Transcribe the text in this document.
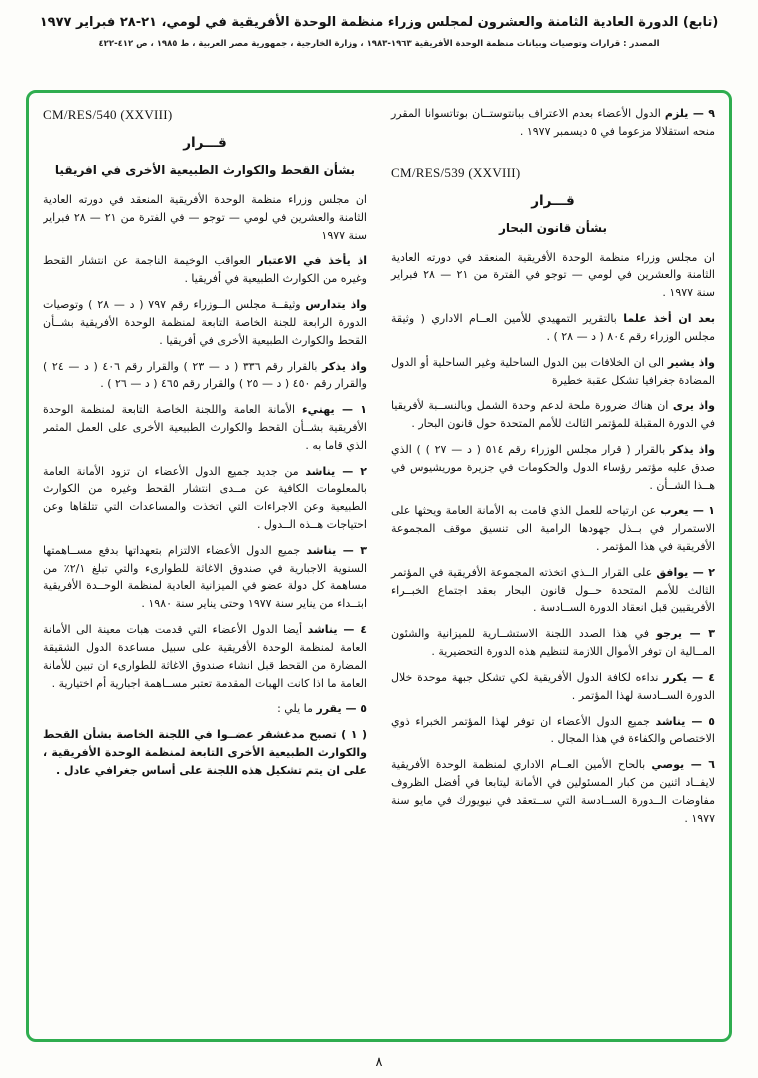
(تابع) الدورة العادية الثامنة والعشرون لمجلس وزراء منظمة الوحدة الأفريقية في لومي، ٢١-٢٨ فبراير ١٩٧٧
المصدر : قرارات وتوصيات وبيانات منظمة الوحدة الأفريقية ١٩٦٣-١٩٨٣ ، وزارة الخارجية ، جمهورية مصر العربية ، ط ١٩٨٥ ، ص ٤١٢-٤٢٢

٩ — يلزم الدول الأعضاء بعدم الاعتراف ببانتوستــان بوتاتسوانا المقرر منحه استقلالا مزعوما في ٥ ديسمبر ١٩٧٧ .

CM/RES/539 (XXVIII)
قـــرار
بشأن قانون البحار

ان مجلس وزراء منظمة الوحدة الأفريقية المنعقد في دورته العادية الثامنة والعشرين في لومي — توجو في الفترة من ٢١ — ٢٨ فبراير سنة ١٩٧٧ .

بعد ان أخذ علما بالتقرير التمهيدي للأمين العــام الاداري ( وثيقة مجلس الوزراء رقم ٨٠٤ ( د — ٢٨ ) .

واذ يشير الى ان الخلافات بين الدول الساحلية وغير الساحلية أو الدول المضادة جغرافيا تشكل عقبة خطيرة

واذ يرى ان هناك ضرورة ملحة لدعم وحدة الشمل وبالنســبة لأفريقيا في الدورة المقبلة للمؤتمر الثالث للأمم المتحدة حول قانون البحار .

واذ يذكر بالقرار ( قرار مجلس الوزراء رقم ٥١٤ ( د — ٢٧ ) ) الذي صدق عليه مؤتمر رؤساء الدول والحكومات في جزيرة موريشيوس في هــذا الشــأن .

١ — يعرب عن ارتياحه للعمل الذي قامت به الأمانة العامة ويحثها على الاستمرار في بــذل جهودها الرامية الى تنسيق موقف المجموعة الأفريقية في هذا المؤتمر .

٢ — يوافق على القرار الــذي اتخذته المجموعة الأفريقية في المؤتمر الثالث للأمم المتحدة حــول قانون البحار بعقد اجتماع الخبــراء الأفريقيين قبل انعقاد الدورة الســادسة .

٣ — يرجو في هذا الصدد اللجنة الاستشــارية للميزانية والشئون المــالية ان توفر الأموال اللازمة لتنظيم هذه الدورة التحضيرية .

٤ — يكرر نداءه لكافة الدول الأفريقية لكي تشكل جبهة موحدة خلال الدورة الســادسة لهذا المؤتمر .

٥ — يناشد جميع الدول الأعضاء ان توفر لهذا المؤتمر الخبراء ذوي الاختصاص والكفاءة في هذا المجال .

٦ — يوصي بالحاح الأمين العــام الاداري لمنظمة الوحدة الأفريقية لايفــاد اثنين من كبار المسئولين في الأمانة ليتابعا في أفضل الظروف مفاوضات الــدورة الســادسة التي ســتعقد في نيويورك في مايو سنة ١٩٧٧ .

CM/RES/540 (XXVIII)
قـــرار
بشأن القحط والكوارث الطبيعية الأخرى في افريقيا

ان مجلس وزراء منظمة الوحدة الأفريقية المنعقد في دورته العادية الثامنة والعشرين في لومي — توجو — في الفترة من ٢١ — ٢٨ فبراير سنة ١٩٧٧

اذ يأخذ في الاعتبار العواقب الوخيمة الناجمة عن انتشار القحط وغيره من الكوارث الطبيعية في أفريقيا .

واذ يتدارس وثيقــة مجلس الــوزراء رقم ٧٩٧ ( د — ٢٨ ) وتوصيات الدورة الرابعة للجنة الخاصة التابعة لمنظمة الوحدة الأفريقية بشــأن القحط والكوارث الطبيعية الأخرى في أفريقيا .

واذ يذكر بالقرار رقم ٣٣٦ ( د — ٢٣ ) والقرار رقم ٤٠٦ ( د — ٢٤ ) والقرار رقم ٤٥٠ ( د — ٢٥ ) والقرار رقم ٤٦٥ ( د — ٢٦ ) .

١ — يهنيء الأمانة العامة واللجنة الخاصة التابعة لمنظمة الوحدة الأفريقية بشــأن القحط والكوارث الطبيعية الأخرى على العمل المثمر الذي قاما به .

٢ — يناشد من جديد جميع الدول الأعضاء ان تزود الأمانة العامة بالمعلومات الكافية عن مــدى انتشار القحط وغيره من الكوارث الطبيعية وعن الاجراءات التي اتخذت والمساعدات التي تتلقاها وعن احتياجات هــذه الــدول .

٣ — يناشد جميع الدول الأعضاء الالتزام بتعهداتها بدفع مســاهمتها السنوية الاجبارية في صندوق الاغاثة للطوارىء والتي تبلغ ٢/١٪ من مساهمة كل دولة عضو في الميزانية العادية لمنظمة الوحــدة الأفريقية ابتــداء من يناير سنة ١٩٧٧ وحتى يناير سنة ١٩٨٠ .

٤ — يناشد أيضا الدول الأعضاء التي قدمت هبات معينة الى الأمانة العامة لمنظمة الوحدة الأفريقية على سبيل مساعدة الدول الشقيقة المضارة من القحط قبل انشاء صندوق الاغاثة للطوارىء ان تبين للأمانة العامة ما اذا كانت الهبات المقدمة تعتبر مســاهمة اجبارية أم اختيارية .

٥ — يقرر ما يلي :

( ١ ) تصبح مدغشقر عضــوا في اللجنة الخاصة بشأن القحط والكوارث الطبيعية الأخرى التابعة لمنظمة الوحدة الأفريقية ، على ان يتم تشكيل هذه اللجنة على أساس جغرافي عادل .

٨
